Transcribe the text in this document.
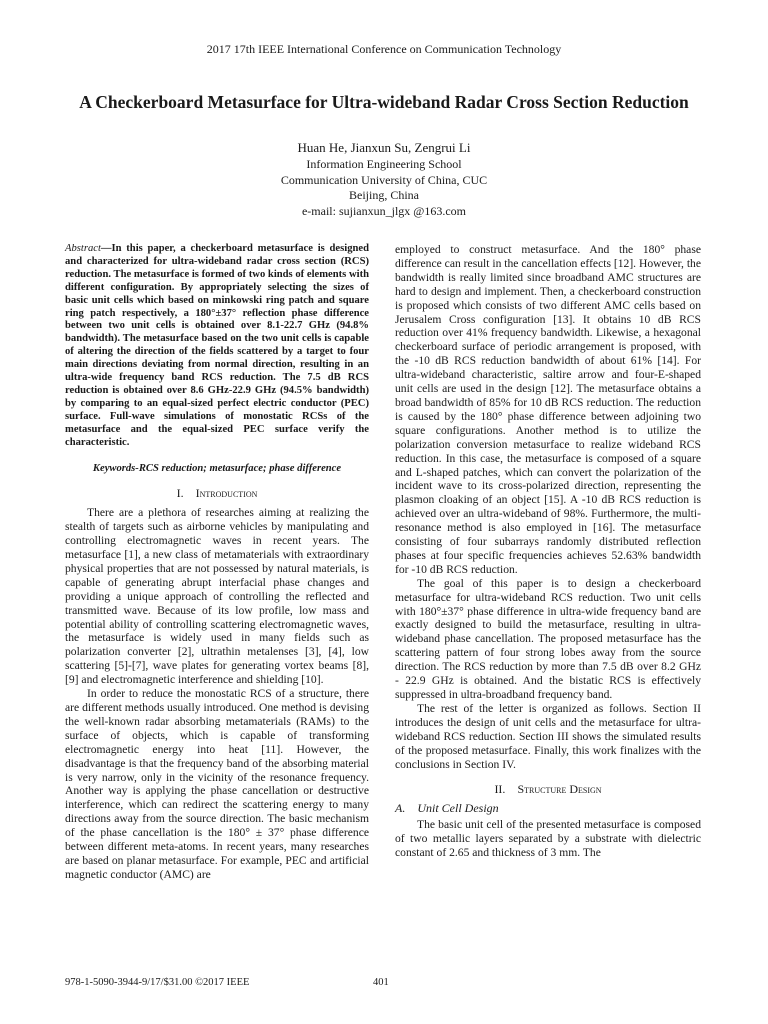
2017 17th IEEE International Conference on Communication Technology
A Checkerboard Metasurface for Ultra-wideband Radar Cross Section Reduction
Huan He, Jianxun Su, Zengrui Li
Information Engineering School
Communication University of China, CUC
Beijing, China
e-mail: sujianxun_jlgx @163.com

Abstract—In this paper, a checkerboard metasurface is designed and characterized for ultra-wideband radar cross section (RCS) reduction. The metasurface is formed of two kinds of elements with different configuration. By appropriately selecting the sizes of basic unit cells which based on minkowski ring patch and square ring patch respectively, a 180°±37° reflection phase difference between two unit cells is obtained over 8.1-22.7 GHz (94.8% bandwidth). The metasurface based on the two unit cells is capable of altering the direction of the fields scattered by a target to four main directions deviating from normal direction, resulting in an ultra-wide frequency band RCS reduction. The 7.5 dB RCS reduction is obtained over 8.6 GHz-22.9 GHz (94.5% bandwidth) by comparing to an equal-sized perfect electric conductor (PEC) surface. Full-wave simulations of monostatic RCSs of the metasurface and the equal-sized PEC surface verify the characteristic.

Keywords-RCS reduction; metasurface; phase difference

I. Introduction

There are a plethora of researches aiming at realizing the stealth of targets such as airborne vehicles by manipulating and controlling electromagnetic waves in recent years. The metasurface [1], a new class of metamaterials with extraordinary physical properties that are not possessed by natural materials, is capable of generating abrupt interfacial phase changes and providing a unique approach of controlling the reflected and transmitted wave. Because of its low profile, low mass and potential ability of controlling scattering electromagnetic waves, the metasurface is widely used in many fields such as polarization converter [2], ultrathin metalenses [3], [4], low scattering [5]-[7], wave plates for generating vortex beams [8], [9] and electromagnetic interference and shielding [10].

In order to reduce the monostatic RCS of a structure, there are different methods usually introduced. One method is devising the well-known radar absorbing metamaterials (RAMs) to the surface of objects, which is capable of transforming electromagnetic energy into heat [11]. However, the disadvantage is that the frequency band of the absorbing material is very narrow, only in the vicinity of the resonance frequency. Another way is applying the phase cancellation or destructive interference, which can redirect the scattering energy to many directions away from the source direction. The basic mechanism of the phase cancellation is the 180° ± 37° phase difference between different meta-atoms. In recent years, many researches are based on planar metasurface. For example, PEC and artificial magnetic conductor (AMC) are

employed to construct metasurface. And the 180° phase difference can result in the cancellation effects [12]. However, the bandwidth is really limited since broadband AMC structures are hard to design and implement. Then, a checkerboard construction is proposed which consists of two different AMC cells based on Jerusalem Cross configuration [13]. It obtains 10 dB RCS reduction over 41% frequency bandwidth. Likewise, a hexagonal checkerboard surface of periodic arrangement is proposed, with the -10 dB RCS reduction bandwidth of about 61% [14]. For ultra-wideband characteristic, saltire arrow and four-E-shaped unit cells are used in the design [12]. The metasurface obtains a broad bandwidth of 85% for 10 dB RCS reduction. The reduction is caused by the 180° phase difference between adjoining two square configurations. Another method is to utilize the polarization conversion metasurface to realize wideband RCS reduction. In this case, the metasurface is composed of a square and L-shaped patches, which can convert the polarization of the incident wave to its cross-polarized direction, representing the plasmon cloaking of an object [15]. A -10 dB RCS reduction is achieved over an ultra-wideband of 98%. Furthermore, the multi-resonance method is also employed in [16]. The metasurface consisting of four subarrays randomly distributed reflection phases at four specific frequencies achieves 52.63% bandwidth for -10 dB RCS reduction.

The goal of this paper is to design a checkerboard metasurface for ultra-wideband RCS reduction. Two unit cells with 180°±37° phase difference in ultra-wide frequency band are exactly designed to build the metasurface, resulting in ultra-wideband phase cancellation. The proposed metasurface has the scattering pattern of four strong lobes away from the source direction. The RCS reduction by more than 7.5 dB over 8.2 GHz - 22.9 GHz is obtained. And the bistatic RCS is effectively suppressed in ultra-broadband frequency band.

The rest of the letter is organized as follows. Section II introduces the design of unit cells and the metasurface for ultra-wideband RCS reduction. Section III shows the simulated results of the proposed metasurface. Finally, this work finalizes with the conclusions in Section IV.

II. Structure Design

A. Unit Cell Design

The basic unit cell of the presented metasurface is composed of two metallic layers separated by a substrate with dielectric constant of 2.65 and thickness of 3 mm. The

978-1-5090-3944-9/17/$31.00 ©2017 IEEE	401
